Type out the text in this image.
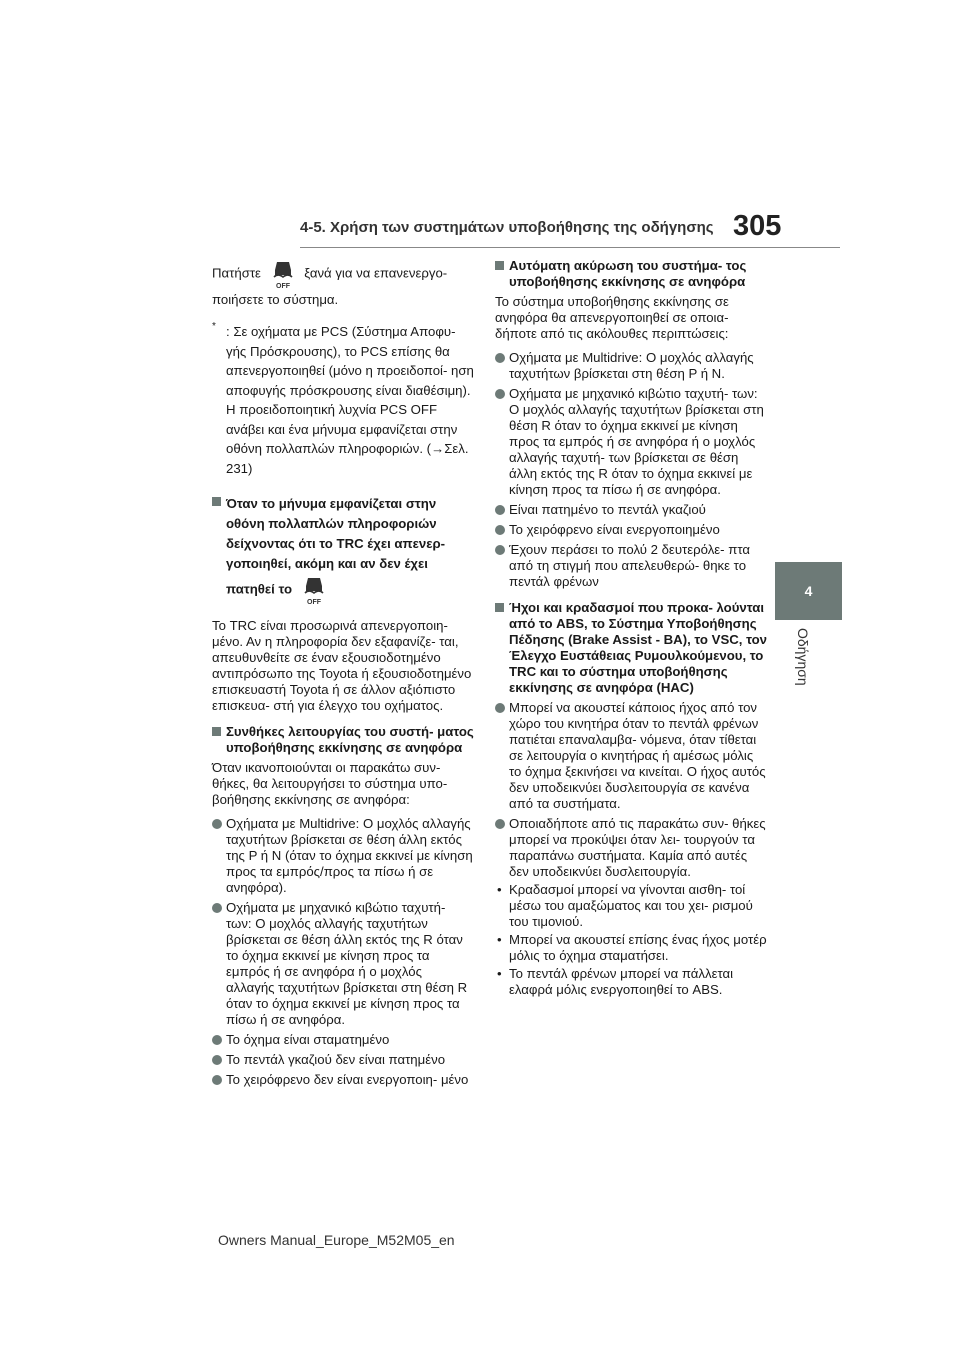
4-5. Χρήση των συστημάτων υποβοήθησης της οδήγησης 305
4
Οδήγηση

Πατήστε
OFF
ξανά για να επανενεργο-
ποιήσετε το σύστημα.

* : Σε οχήματα με PCS (Σύστημα Αποφυ- γής Πρόσκρουσης), το PCS επίσης θα απενεργοποιηθεί (μόνο η προειδοποί- ηση αποφυγής πρόσκρουσης είναι διαθέσιμη). Η προειδοποιητική λυχνία PCS OFF ανάβει και ένα μήνυμα εμφανίζεται στην οθόνη πολλαπλών πληροφοριών. (→Σελ. 231)
Όταν το μήνυμα εμφανίζεται στην οθόνη πολλαπλών πληροφοριών δείχνοντας ότι το TRC έχει απενερ- γοποιηθεί, ακόμη και αν δεν έχει
πατηθεί το
OFF

Το TRC είναι προσωρινά απενεργοποιη- μένο. Αν η πληροφορία δεν εξαφανίζε- ται, απευθυνθείτε σε έναν εξουσιοδοτημένο αντιπρόσωπο της Toyota ή εξουσιοδοτημένο επισκευαστή Toyota ή σε άλλον αξιόπιστο επισκευα- στή για έλεγχο του οχήματος.

Συνθήκες λειτουργίας του συστή- ματος υποβοήθησης εκκίνησης σε ανηφόρα

Όταν ικανοποιούνται οι παρακάτω συν- θήκες, θα λειτουργήσει το σύστημα υπο- βοήθησης εκκίνησης σε ανηφόρα:

Οχήματα με Multidrive: Ο μοχλός αλλαγής ταχυτήτων βρίσκεται σε θέση άλλη εκτός της P ή N (όταν το όχημα εκκινεί με κίνηση προς τα εμπρός/προς τα πίσω ή σε ανηφόρα).
Οχήματα με μηχανικό κιβώτιο ταχυτή- των: Ο μοχλός αλλαγής ταχυτήτων βρίσκεται σε θέση άλλη εκτός της R όταν το όχημα εκκινεί με κίνηση προς τα εμπρός ή σε ανηφόρα ή ο μοχλός αλλαγής ταχυτήτων βρίσκεται στη θέση R όταν το όχημα εκκινεί με κίνηση προς τα πίσω ή σε ανηφόρα.
Το όχημα είναι σταματημένο
Το πεντάλ γκαζιού δεν είναι πατημένο
Το χειρόφρενο δεν είναι ενεργοποιη- μένο
Αυτόματη ακύρωση του συστήμα- τος υποβοήθησης εκκίνησης σε ανηφόρα

Το σύστημα υποβοήθησης εκκίνησης σε ανηφόρα θα απενεργοποιηθεί σε οποια- δήποτε από τις ακόλουθες περιπτώσεις:

Οχήματα με Multidrive: Ο μοχλός αλλαγής ταχυτήτων βρίσκεται στη θέση P ή N.
Οχήματα με μηχανικό κιβώτιο ταχυτή- των: Ο μοχλός αλλαγής ταχυτήτων βρίσκεται στη θέση R όταν το όχημα εκκινεί με κίνηση προς τα εμπρός ή σε ανηφόρα ή ο μοχλός αλλαγής ταχυτή- των βρίσκεται σε θέση άλλη εκτός της R όταν το όχημα εκκινεί με κίνηση προς τα πίσω ή σε ανηφόρα.
Είναι πατημένο το πεντάλ γκαζιού
Το χειρόφρενο είναι ενεργοποιημένο
Έχουν περάσει το πολύ 2 δευτερόλε- πτα από τη στιγμή που απελευθερώ- θηκε το πεντάλ φρένων
Ήχοι και κραδασμοί που προκα- λούνται από το ABS, το Σύστημα Υποβοήθησης Πέδησης (Brake Assist - BA), το VSC, τον Έλεγχο Ευστάθειας Ρυμουλκούμενου, το TRC και το σύστημα υποβοήθησης εκκίνησης σε ανηφόρα (HAC)
Μπορεί να ακουστεί κάποιος ήχος από τον χώρο του κινητήρα όταν το πεντάλ φρένων πατιέται επαναλαμβα- νόμενα, όταν τίθεται σε λειτουργία ο κινητήρας ή αμέσως μόλις το όχημα ξεκινήσει να κινείται. Ο ήχος αυτός δεν υποδεικνύει δυσλειτουργία σε κανένα από τα συστήματα.
Οποιαδήποτε από τις παρακάτω συν- θήκες μπορεί να προκύψει όταν λει- τουργούν τα παραπάνω συστήματα. Καμία από αυτές δεν υποδεικνύει δυσλειτουργία.
• Κραδασμοί μπορεί να γίνονται αισθη- τοί μέσω του αμαξώματος και του χει- ρισμού του τιμονιού.
• Μπορεί να ακουστεί επίσης ένας ήχος μοτέρ μόλις το όχημα σταματήσει.
• Το πεντάλ φρένων μπορεί να πάλλεται ελαφρά μόλις ενεργοποιηθεί το ABS.
Owners Manual_Europe_M52M05_en
